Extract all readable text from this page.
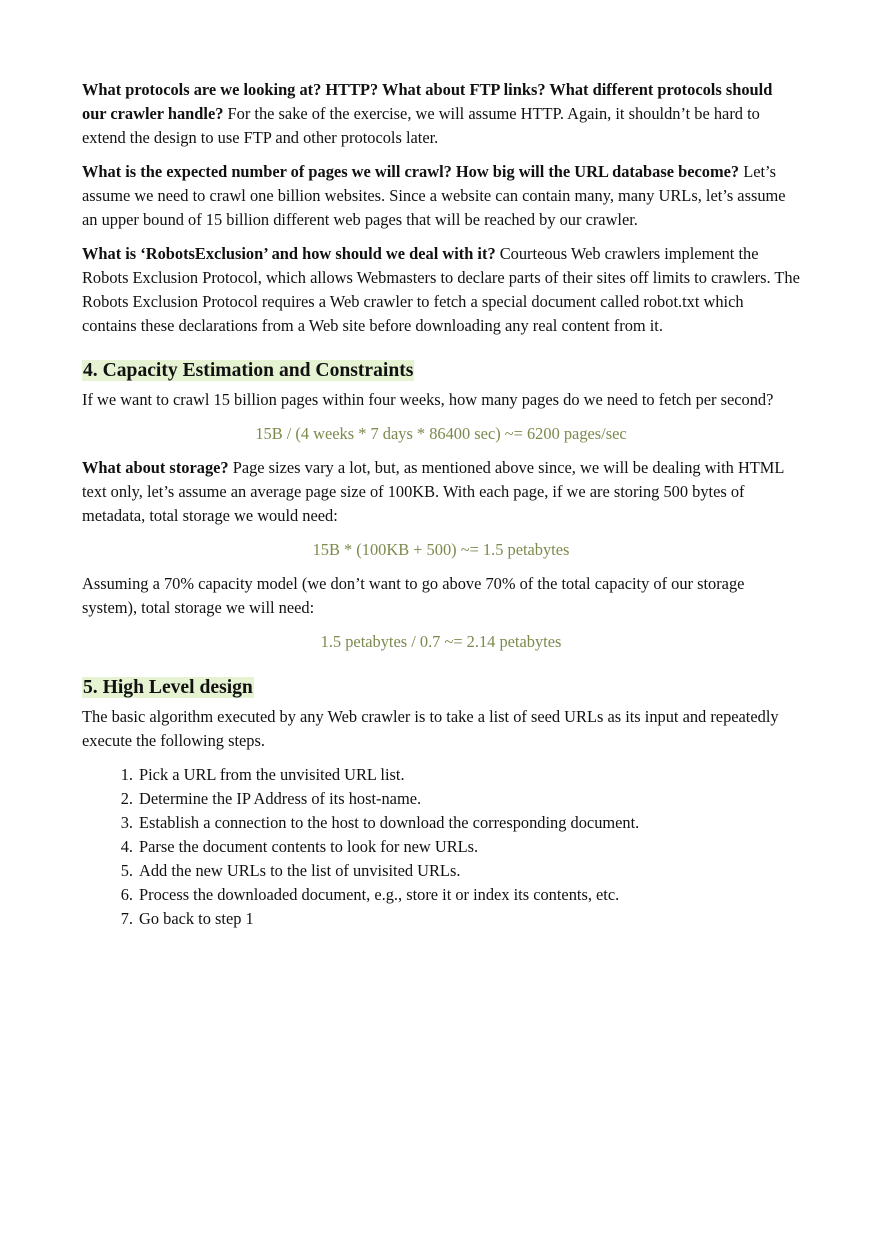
What protocols are we looking at? HTTP? What about FTP links? What different protocols should our crawler handle? For the sake of the exercise, we will assume HTTP. Again, it shouldn’t be hard to extend the design to use FTP and other protocols later.

What is the expected number of pages we will crawl? How big will the URL database become? Let’s assume we need to crawl one billion websites. Since a website can contain many, many URLs, let’s assume an upper bound of 15 billion different web pages that will be reached by our crawler.

What is ‘RobotsExclusion’ and how should we deal with it? Courteous Web crawlers implement the Robots Exclusion Protocol, which allows Webmasters to declare parts of their sites off limits to crawlers. The Robots Exclusion Protocol requires a Web crawler to fetch a special document called robot.txt which contains these declarations from a Web site before downloading any real content from it.

4. Capacity Estimation and Constraints

If we want to crawl 15 billion pages within four weeks, how many pages do we need to fetch per second?

15B / (4 weeks * 7 days * 86400 sec) ~= 6200 pages/sec

What about storage? Page sizes vary a lot, but, as mentioned above since, we will be dealing with HTML text only, let’s assume an average page size of 100KB. With each page, if we are storing 500 bytes of metadata, total storage we would need:

15B * (100KB + 500) ~= 1.5 petabytes

Assuming a 70% capacity model (we don’t want to go above 70% of the total capacity of our storage system), total storage we will need:

1.5 petabytes / 0.7 ~= 2.14 petabytes
5. High Level design

The basic algorithm executed by any Web crawler is to take a list of seed URLs as its input and repeatedly execute the following steps.

1. Pick a URL from the unvisited URL list.
2. Determine the IP Address of its host-name.
3. Establish a connection to the host to download the corresponding document.
4. Parse the document contents to look for new URLs.
5. Add the new URLs to the list of unvisited URLs.
6. Process the downloaded document, e.g., store it or index its contents, etc.
7. Go back to step 1
